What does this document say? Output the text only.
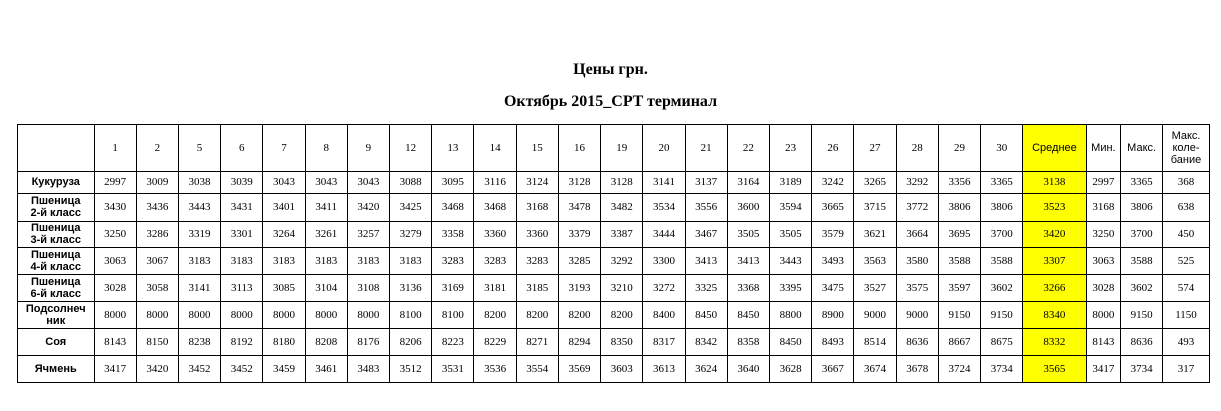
Цены грн.
Октябрь 2015_CPT терминал
	1	2	5	6	7	8	9	12	13	14	15	16	19	20	21	22	23	26	27	28	29	30	Среднее	Мин.	Макс.	Макс.
коле-
бание
Кукуруза	2997	3009	3038	3039	3043	3043	3043	3088	3095	3116	3124	3128	3128	3141	3137	3164	3189	3242	3265	3292	3356	3365	3138	2997	3365	368
Пшеница
2-й класс	3430	3436	3443	3431	3401	3411	3420	3425	3468	3468	3168	3478	3482	3534	3556	3600	3594	3665	3715	3772	3806	3806	3523	3168	3806	638
Пшеница
3-й класс	3250	3286	3319	3301	3264	3261	3257	3279	3358	3360	3360	3379	3387	3444	3467	3505	3505	3579	3621	3664	3695	3700	3420	3250	3700	450
Пшеница
4-й класс	3063	3067	3183	3183	3183	3183	3183	3183	3283	3283	3283	3285	3292	3300	3413	3413	3443	3493	3563	3580	3588	3588	3307	3063	3588	525
Пшеница
6-й класс	3028	3058	3141	3113	3085	3104	3108	3136	3169	3181	3185	3193	3210	3272	3325	3368	3395	3475	3527	3575	3597	3602	3266	3028	3602	574
Подсолнеч
ник	8000	8000	8000	8000	8000	8000	8000	8100	8100	8200	8200	8200	8200	8400	8450	8450	8800	8900	9000	9000	9150	9150	8340	8000	9150	1150
Соя	8143	8150	8238	8192	8180	8208	8176	8206	8223	8229	8271	8294	8350	8317	8342	8358	8450	8493	8514	8636	8667	8675	8332	8143	8636	493
Ячмень	3417	3420	3452	3452	3459	3461	3483	3512	3531	3536	3554	3569	3603	3613	3624	3640	3628	3667	3674	3678	3724	3734	3565	3417	3734	317
